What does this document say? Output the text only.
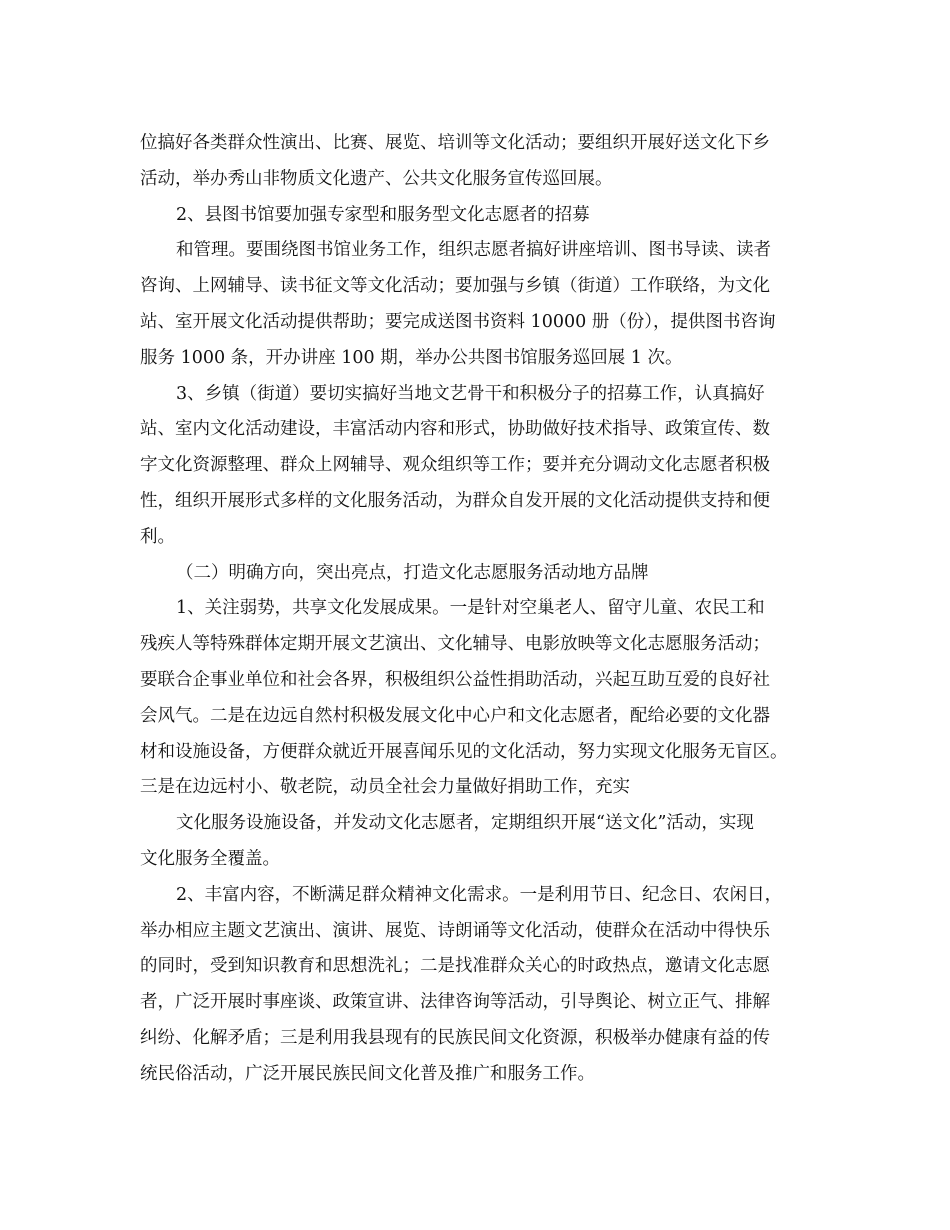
位搞好各类群众性演出、比赛、展览、培训等文化活动；要组织开展好送文化下乡
活动，举办秀山非物质文化遗产、公共文化服务宣传巡回展。
2、县图书馆要加强专家型和服务型文化志愿者的招募
和管理。要围绕图书馆业务工作，组织志愿者搞好讲座培训、图书导读、读者
咨询、上网辅导、读书征文等文化活动；要加强与乡镇（街道）工作联络，为文化
站、室开展文化活动提供帮助；要完成送图书资料 10000 册（份），提供图书咨询
服务 1000 条，开办讲座 100 期，举办公共图书馆服务巡回展 1 次。
3、乡镇（街道）要切实搞好当地文艺骨干和积极分子的招募工作，认真搞好
站、室内文化活动建设，丰富活动内容和形式，协助做好技术指导、政策宣传、数
字文化资源整理、群众上网辅导、观众组织等工作；要并充分调动文化志愿者积极
性，组织开展形式多样的文化服务活动，为群众自发开展的文化活动提供支持和便
利。
（二）明确方向，突出亮点，打造文化志愿服务活动地方品牌
1、关注弱势，共享文化发展成果。一是针对空巢老人、留守儿童、农民工和
残疾人等特殊群体定期开展文艺演出、文化辅导、电影放映等文化志愿服务活动；
要联合企事业单位和社会各界，积极组织公益性捐助活动，兴起互助互爱的良好社
会风气。二是在边远自然村积极发展文化中心户和文化志愿者，配给必要的文化器
材和设施设备，方便群众就近开展喜闻乐见的文化活动，努力实现文化服务无盲区。
三是在边远村小、敬老院，动员全社会力量做好捐助工作，充实
文化服务设施设备，并发动文化志愿者，定期组织开展“送文化”活动，实现
文化服务全覆盖。
2、丰富内容，不断满足群众精神文化需求。一是利用节日、纪念日、农闲日，
举办相应主题文艺演出、演讲、展览、诗朗诵等文化活动，使群众在活动中得快乐
的同时，受到知识教育和思想洗礼；二是找准群众关心的时政热点，邀请文化志愿
者，广泛开展时事座谈、政策宣讲、法律咨询等活动，引导舆论、树立正气、排解
纠纷、化解矛盾；三是利用我县现有的民族民间文化资源，积极举办健康有益的传
统民俗活动，广泛开展民族民间文化普及推广和服务工作。
